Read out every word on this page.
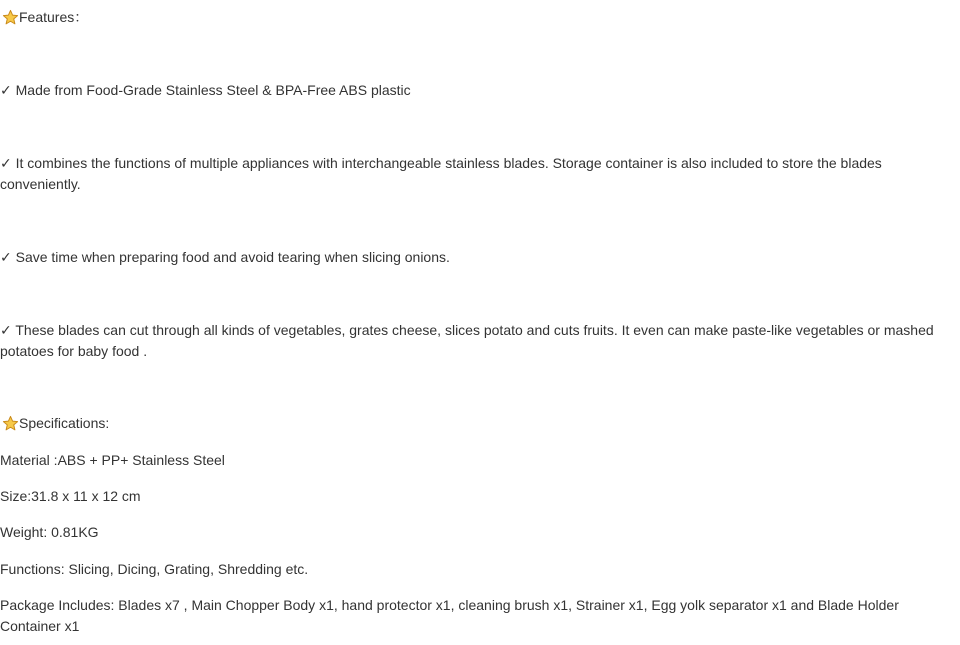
Features：

✓ Made from Food-Grade Stainless Steel & BPA-Free ABS plastic

✓ It combines the functions of multiple appliances with interchangeable stainless blades. Storage container is also included to store the blades conveniently.

✓ Save time when preparing food and avoid tearing when slicing onions.

✓ These blades can cut through all kinds of vegetables, grates cheese, slices potato and cuts fruits. It even can make paste-like vegetables or mashed potatoes for baby food .

Specifications:

Material :ABS + PP+ Stainless Steel

Size:31.8 x 11 x 12 cm

Weight: 0.81KG

Functions: Slicing, Dicing, Grating, Shredding etc.

Package Includes: Blades x7 , Main Chopper Body x1, hand protector x1, cleaning brush x1, Strainer x1, Egg yolk separator x1 and Blade Holder Container x1
